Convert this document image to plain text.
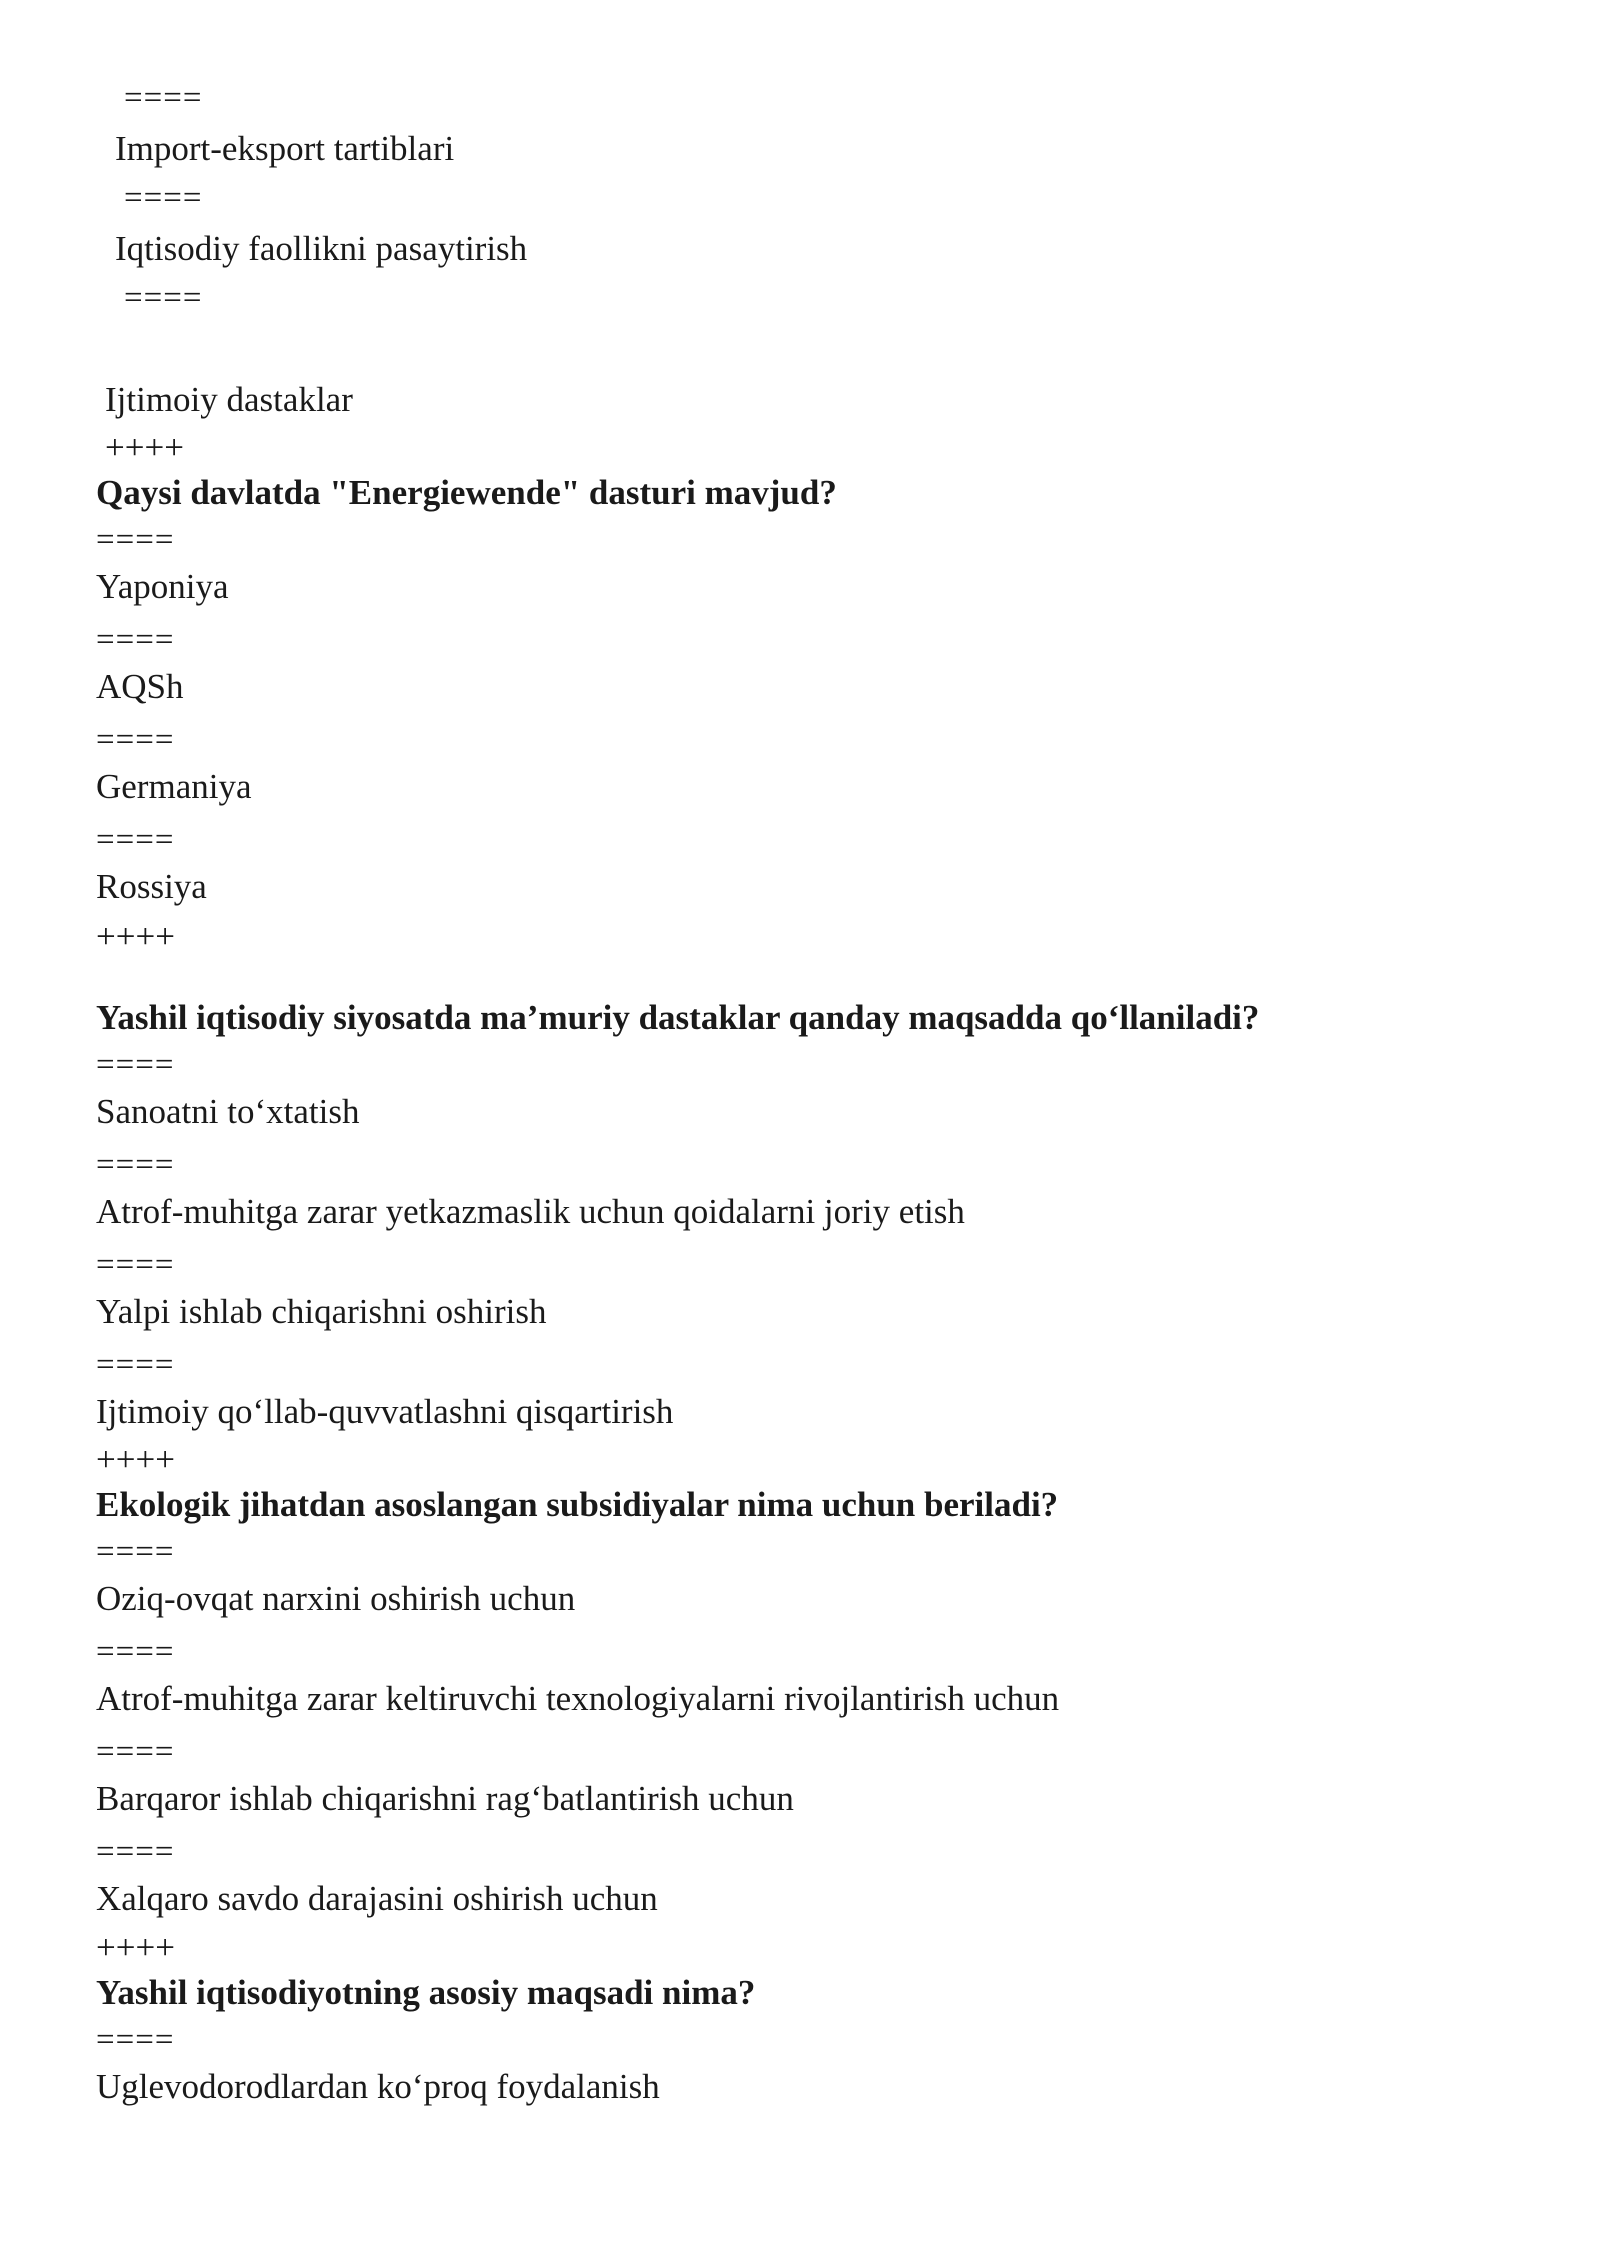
====

Import-eksport tartiblari

====

Iqtisodiy faollikni pasaytirish

====

Ijtimoiy dastaklar

++++

Qaysi davlatda "Energiewende" dasturi mavjud?

====

Yaponiya

====

AQSh

====

Germaniya

====

Rossiya

++++

Yashil iqtisodiy siyosatda ma’muriy dastaklar qanday maqsadda qo‘llaniladi?

====

Sanoatni to‘xtatish

====

Atrof-muhitga zarar yetkazmaslik uchun qoidalarni joriy etish

====

Yalpi ishlab chiqarishni oshirish

====

Ijtimoiy qo‘llab-quvvatlashni qisqartirish

++++

Ekologik jihatdan asoslangan subsidiyalar nima uchun beriladi?

====

Oziq-ovqat narxini oshirish uchun

====

Atrof-muhitga zarar keltiruvchi texnologiyalarni rivojlantirish uchun

====

Barqaror ishlab chiqarishni rag‘batlantirish uchun

====

Xalqaro savdo darajasini oshirish uchun

++++

Yashil iqtisodiyotning asosiy maqsadi nima?

====

Uglevodorodlardan ko‘proq foydalanish
